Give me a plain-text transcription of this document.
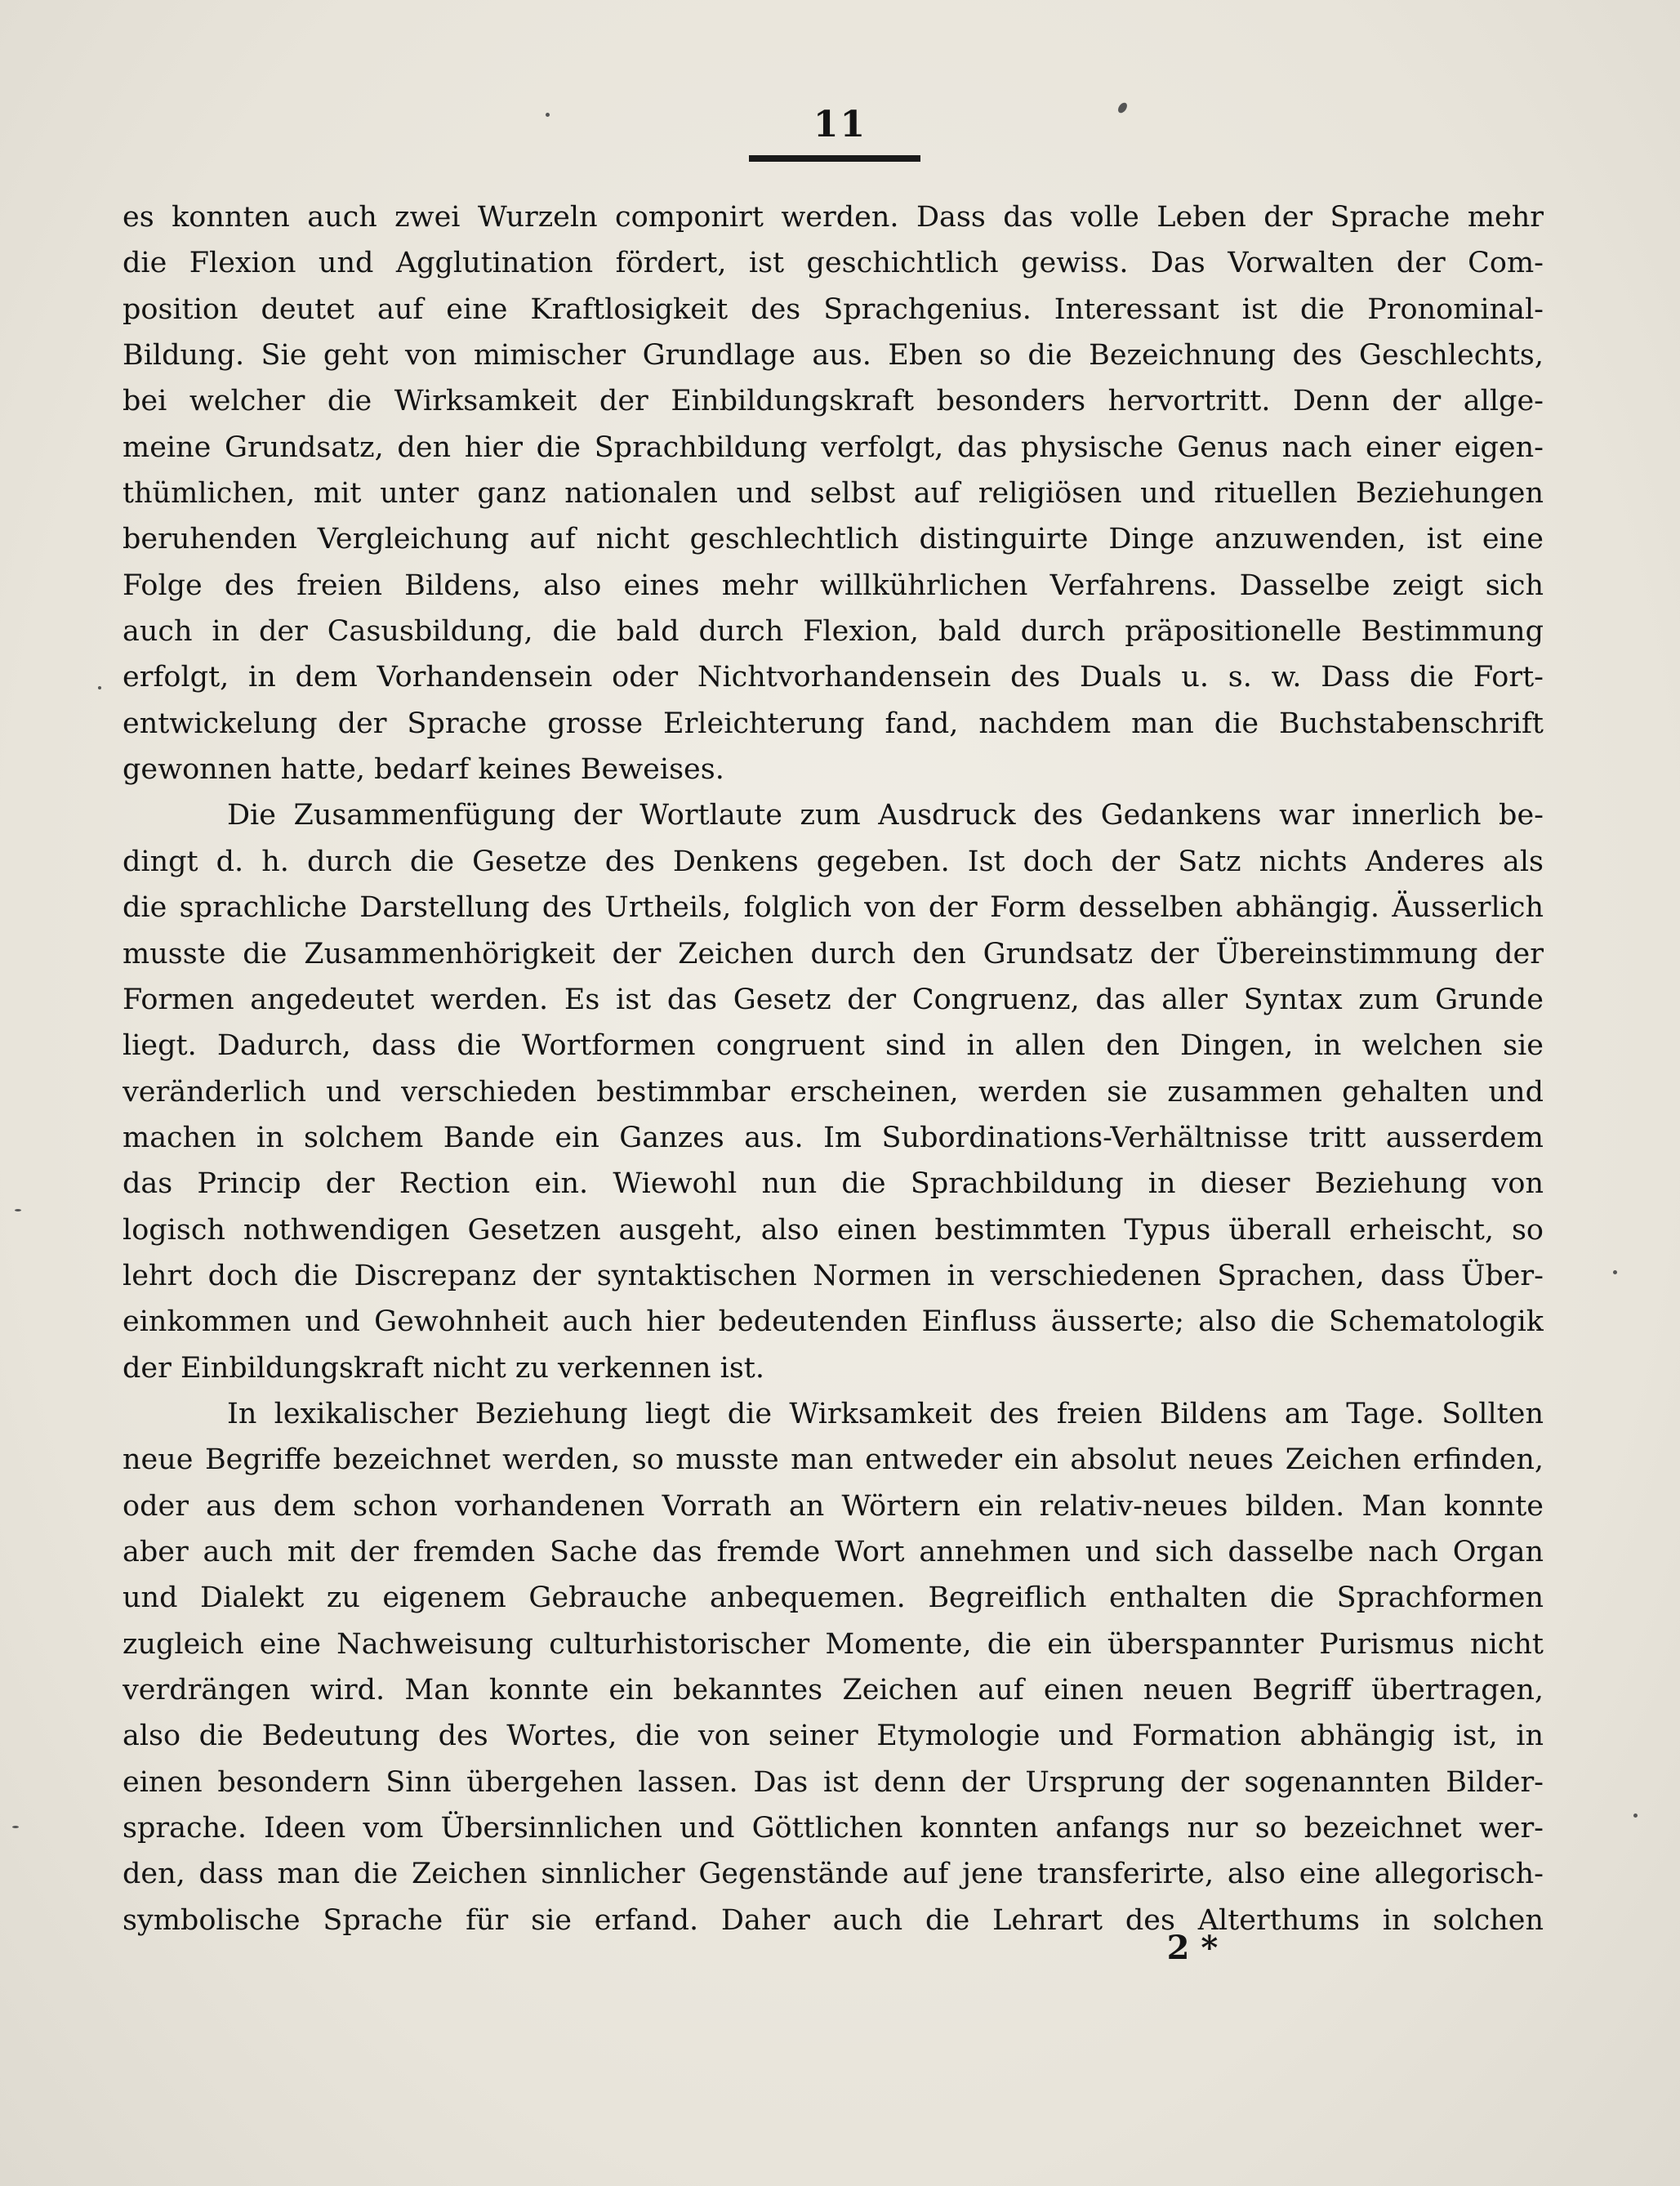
11
es konnten auch zwei Wurzeln componirt werden. Dass das volle Leben der Sprache mehr
die Flexion und Agglutination fördert, ist geschichtlich gewiss. Das Vorwalten der Com-
position deutet auf eine Kraftlosigkeit des Sprachgenius. Interessant ist die Pronominal-
Bildung. Sie geht von mimischer Grundlage aus. Eben so die Bezeichnung des Geschlechts,
bei welcher die Wirksamkeit der Einbildungskraft besonders hervortritt. Denn der allge-
meine Grundsatz, den hier die Sprachbildung verfolgt, das physische Genus nach einer eigen-
thümlichen, mit unter ganz nationalen und selbst auf religiösen und rituellen Beziehungen
beruhenden Vergleichung auf nicht geschlechtlich distinguirte Dinge anzuwenden, ist eine
Folge des freien Bildens, also eines mehr willkührlichen Verfahrens. Dasselbe zeigt sich
auch in der Casusbildung, die bald durch Flexion, bald durch präpositionelle Bestimmung
erfolgt, in dem Vorhandensein oder Nichtvorhandensein des Duals u. s. w. Dass die Fort-
entwickelung der Sprache grosse Erleichterung fand, nachdem man die Buchstabenschrift
gewonnen hatte, bedarf keines Beweises.
Die Zusammenfügung der Wortlaute zum Ausdruck des Gedankens war innerlich be-
dingt d. h. durch die Gesetze des Denkens gegeben. Ist doch der Satz nichts Anderes als
die sprachliche Darstellung des Urtheils, folglich von der Form desselben abhängig. Äusserlich
musste die Zusammenhörigkeit der Zeichen durch den Grundsatz der Übereinstimmung der
Formen angedeutet werden. Es ist das Gesetz der Congruenz, das aller Syntax zum Grunde
liegt. Dadurch, dass die Wortformen congruent sind in allen den Dingen, in welchen sie
veränderlich und verschieden bestimmbar erscheinen, werden sie zusammen gehalten und
machen in solchem Bande ein Ganzes aus. Im Subordinations-Verhältnisse tritt ausserdem
das Princip der Rection ein. Wiewohl nun die Sprachbildung in dieser Beziehung von
logisch nothwendigen Gesetzen ausgeht, also einen bestimmten Typus überall erheischt, so
lehrt doch die Discrepanz der syntaktischen Normen in verschiedenen Sprachen, dass Über-
einkommen und Gewohnheit auch hier bedeutenden Einfluss äusserte; also die Schematologik
der Einbildungskraft nicht zu verkennen ist.
In lexikalischer Beziehung liegt die Wirksamkeit des freien Bildens am Tage. Sollten
neue Begriffe bezeichnet werden, so musste man entweder ein absolut neues Zeichen erfinden,
oder aus dem schon vorhandenen Vorrath an Wörtern ein relativ-neues bilden. Man konnte
aber auch mit der fremden Sache das fremde Wort annehmen und sich dasselbe nach Organ
und Dialekt zu eigenem Gebrauche anbequemen. Begreiflich enthalten die Sprachformen
zugleich eine Nachweisung culturhistorischer Momente, die ein überspannter Purismus nicht
verdrängen wird. Man konnte ein bekanntes Zeichen auf einen neuen Begriff übertragen,
also die Bedeutung des Wortes, die von seiner Etymologie und Formation abhängig ist, in
einen besondern Sinn übergehen lassen. Das ist denn der Ursprung der sogenannten Bilder-
sprache. Ideen vom Übersinnlichen und Göttlichen konnten anfangs nur so bezeichnet wer-
den, dass man die Zeichen sinnlicher Gegenstände auf jene transferirte, also eine allegorisch-
symbolische Sprache für sie erfand. Daher auch die Lehrart des Alterthums in solchen
2 *
